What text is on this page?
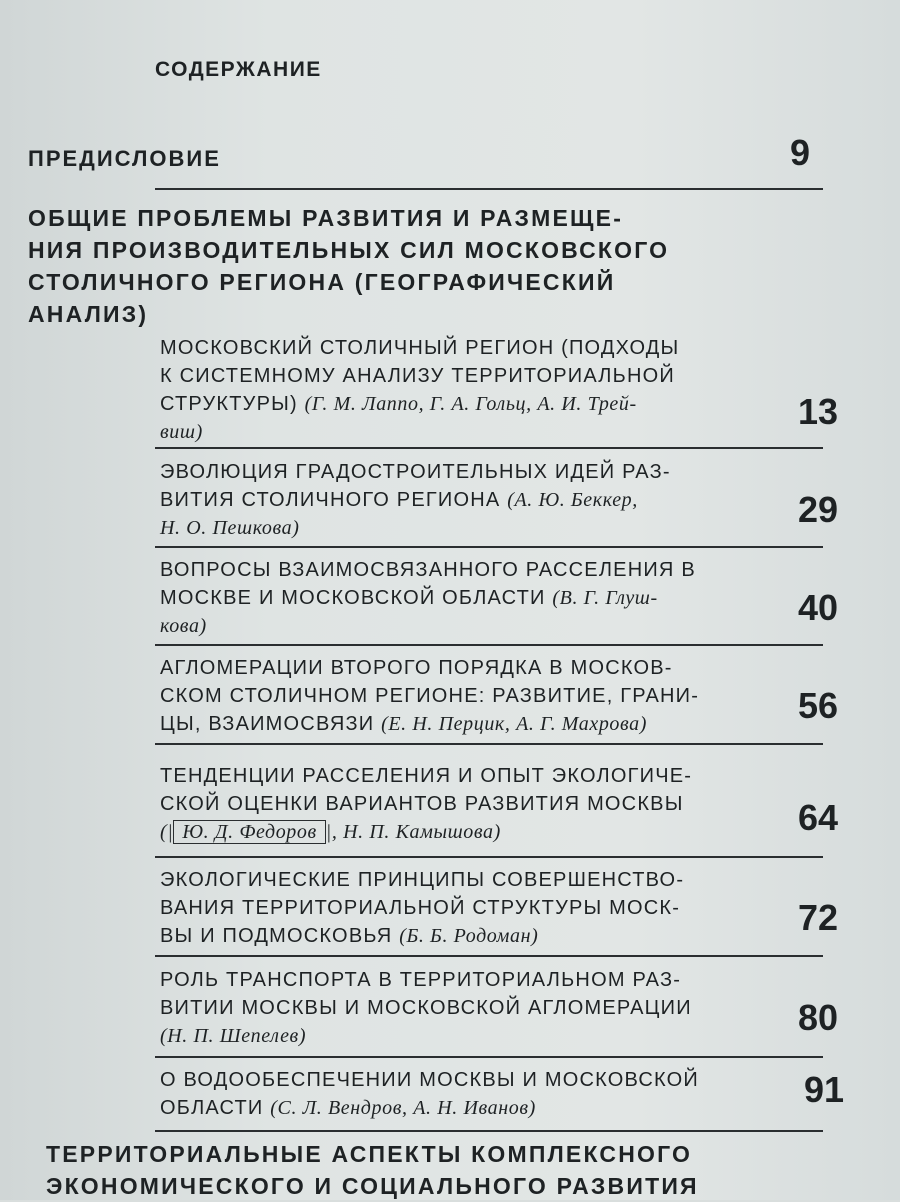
СОДЕРЖАНИЕ
ПРЕДИСЛОВИЕ	9
ОБЩИЕ ПРОБЛЕМЫ РАЗВИТИЯ И РАЗМЕЩЕ-
НИЯ ПРОИЗВОДИТЕЛЬНЫХ СИЛ МОСКОВСКОГО
СТОЛИЧНОГО РЕГИОНА (ГЕОГРАФИЧЕСКИЙ
АНАЛИЗ)
МОСКОВСКИЙ СТОЛИЧНЫЙ РЕГИОН (ПОДХОДЫ
К СИСТЕМНОМУ АНАЛИЗУ ТЕРРИТОРИАЛЬНОЙ
СТРУКТУРЫ) (Г. М. Лаппо, Г. А. Гольц, А. И. Трей-
виш)	13
ЭВОЛЮЦИЯ ГРАДОСТРОИТЕЛЬНЫХ ИДЕЙ РАЗ-
ВИТИЯ СТОЛИЧНОГО РЕГИОНА (А. Ю. Беккер,
Н. О. Пешкова)	29
ВОПРОСЫ ВЗАИМОСВЯЗАННОГО РАССЕЛЕНИЯ В
МОСКВЕ И МОСКОВСКОЙ ОБЛАСТИ (В. Г. Глуш-
кова)	40
АГЛОМЕРАЦИИ ВТОРОГО ПОРЯДКА В МОСКОВ-
СКОМ СТОЛИЧНОМ РЕГИОНЕ: РАЗВИТИЕ, ГРАНИ-
ЦЫ, ВЗАИМОСВЯЗИ (Е. Н. Перцик, А. Г. Махрова)	56
ТЕНДЕНЦИИ РАССЕЛЕНИЯ И ОПЫТ ЭКОЛОГИЧЕ-
СКОЙ ОЦЕНКИ ВАРИАНТОВ РАЗВИТИЯ МОСКВЫ
(| Ю. Д. Федоров |, Н. П. Камышова)	64
ЭКОЛОГИЧЕСКИЕ ПРИНЦИПЫ СОВЕРШЕНСТВО-
ВАНИЯ ТЕРРИТОРИАЛЬНОЙ СТРУКТУРЫ МОСК-
ВЫ И ПОДМОСКОВЬЯ (Б. Б. Родоман)	72
РОЛЬ ТРАНСПОРТА В ТЕРРИТОРИАЛЬНОМ РАЗ-
ВИТИИ МОСКВЫ И МОСКОВСКОЙ АГЛОМЕРАЦИИ
(Н. П. Шепелев)	80
О ВОДООБЕСПЕЧЕНИИ МОСКВЫ И МОСКОВСКОЙ
ОБЛАСТИ (С. Л. Вендров, А. Н. Иванов)	91
ТЕРРИТОРИАЛЬНЫЕ АСПЕКТЫ КОМПЛЕКСНОГО
ЭКОНОМИЧЕСКОГО И СОЦИАЛЬНОГО РАЗВИТИЯ
